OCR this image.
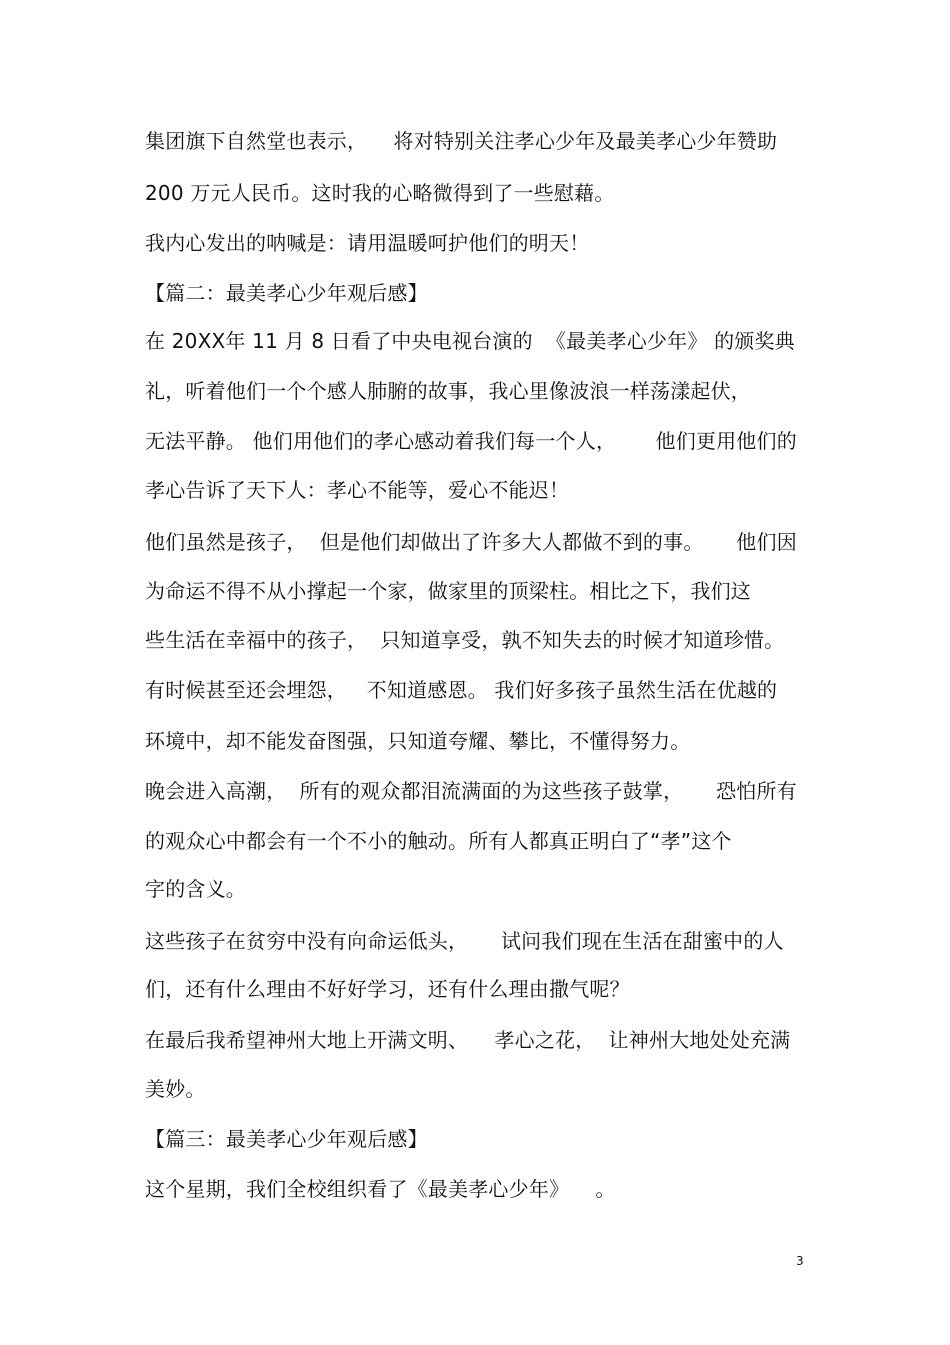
集团旗下自然堂也表示，    将对特别关注孝心少年及最美孝心少年赞助
200 万元人民币。这时我的心略微得到了一些慰藉。
我内心发出的呐喊是：请用温暖呵护他们的明天！
【篇二：最美孝心少年观后感】
在 20XX年 11 月 8 日看了中央电视台演的  《最美孝心少年》 的颁奖典
礼，听着他们一个个感人肺腑的故事，我心里像波浪一样荡漾起伏，
无法平静。 他们用他们的孝心感动着我们每一个人，      他们更用他们的
孝心告诉了天下人：孝心不能等，爱心不能迟！
他们虽然是孩子，  但是他们却做出了许多大人都做不到的事。     他们因
为命运不得不从小撑起一个家，做家里的顶梁柱。相比之下，我们这
些生活在幸福中的孩子，  只知道享受，孰不知失去的时候才知道珍惜。
有时候甚至还会埋怨，   不知道感恩。 我们好多孩子虽然生活在优越的
环境中，却不能发奋图强，只知道夸耀、攀比，不懂得努力。
晚会进入高潮，  所有的观众都泪流满面的为这些孩子鼓掌，     恐怕所有
的观众心中都会有一个不小的触动。所有人都真正明白了“孝”这个
字的含义。
这些孩子在贫穷中没有向命运低头，     试问我们现在生活在甜蜜中的人
们，还有什么理由不好好学习，还有什么理由撒气呢？
在最后我希望神州大地上开满文明、    孝心之花，  让神州大地处处充满
美妙。
【篇三：最美孝心少年观后感】
这个星期，我们全校组织看了《最美孝心少年》    。
3
